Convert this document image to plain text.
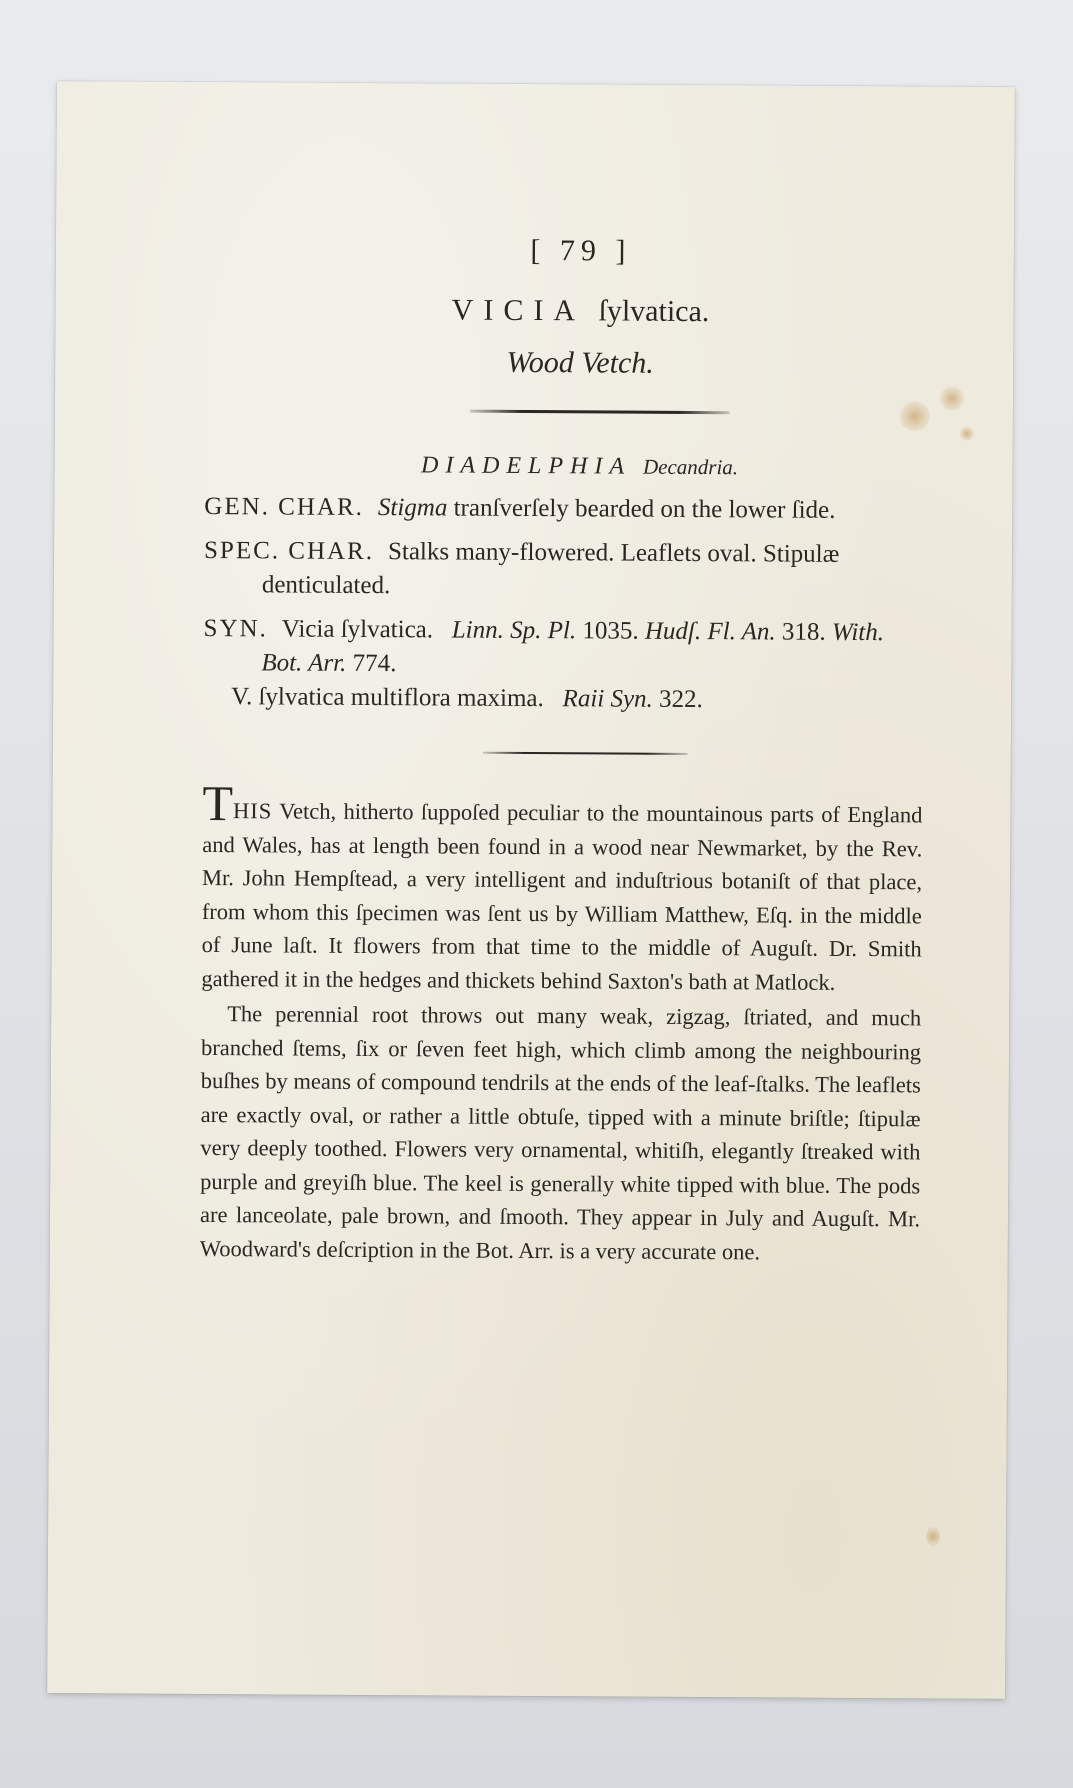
[ 79 ]
VICIA ſylvatica.
Wood Vetch.
DIADELPHIA Decandria.

GEN. CHAR. Stigma tranſverſely bearded on the lower ſide.

SPEC. CHAR. Stalks many-flowered. Leaflets oval. Stipulæ denticulated.

SYN. Vicia ſylvatica. Linn. Sp. Pl. 1035. Hudſ. Fl. An. 318. With. Bot. Arr. 774.

V. ſylvatica multiflora maxima. Raii Syn. 322.

THIS Vetch, hitherto ſuppoſed peculiar to the mountainous parts of England and Wales, has at length been found in a wood near Newmarket, by the Rev. Mr. John Hempſtead, a very intelligent and induſtrious botaniſt of that place, from whom this ſpecimen was ſent us by William Matthew, Eſq. in the middle of June laſt. It flowers from that time to the middle of Auguſt. Dr. Smith gathered it in the hedges and thickets behind Saxton's bath at Matlock.

The perennial root throws out many weak, zigzag, ſtriated, and much branched ſtems, ſix or ſeven feet high, which climb among the neighbouring buſhes by means of compound tendrils at the ends of the leaf-ſtalks. The leaflets are exactly oval, or rather a little obtuſe, tipped with a minute briſtle; ſtipulæ very deeply toothed. Flowers very ornamental, whitiſh, elegantly ſtreaked with purple and greyiſh blue. The keel is generally white tipped with blue. The pods are lanceolate, pale brown, and ſmooth. They appear in July and Auguſt. Mr. Woodward's deſcription in the Bot. Arr. is a very accurate one.
